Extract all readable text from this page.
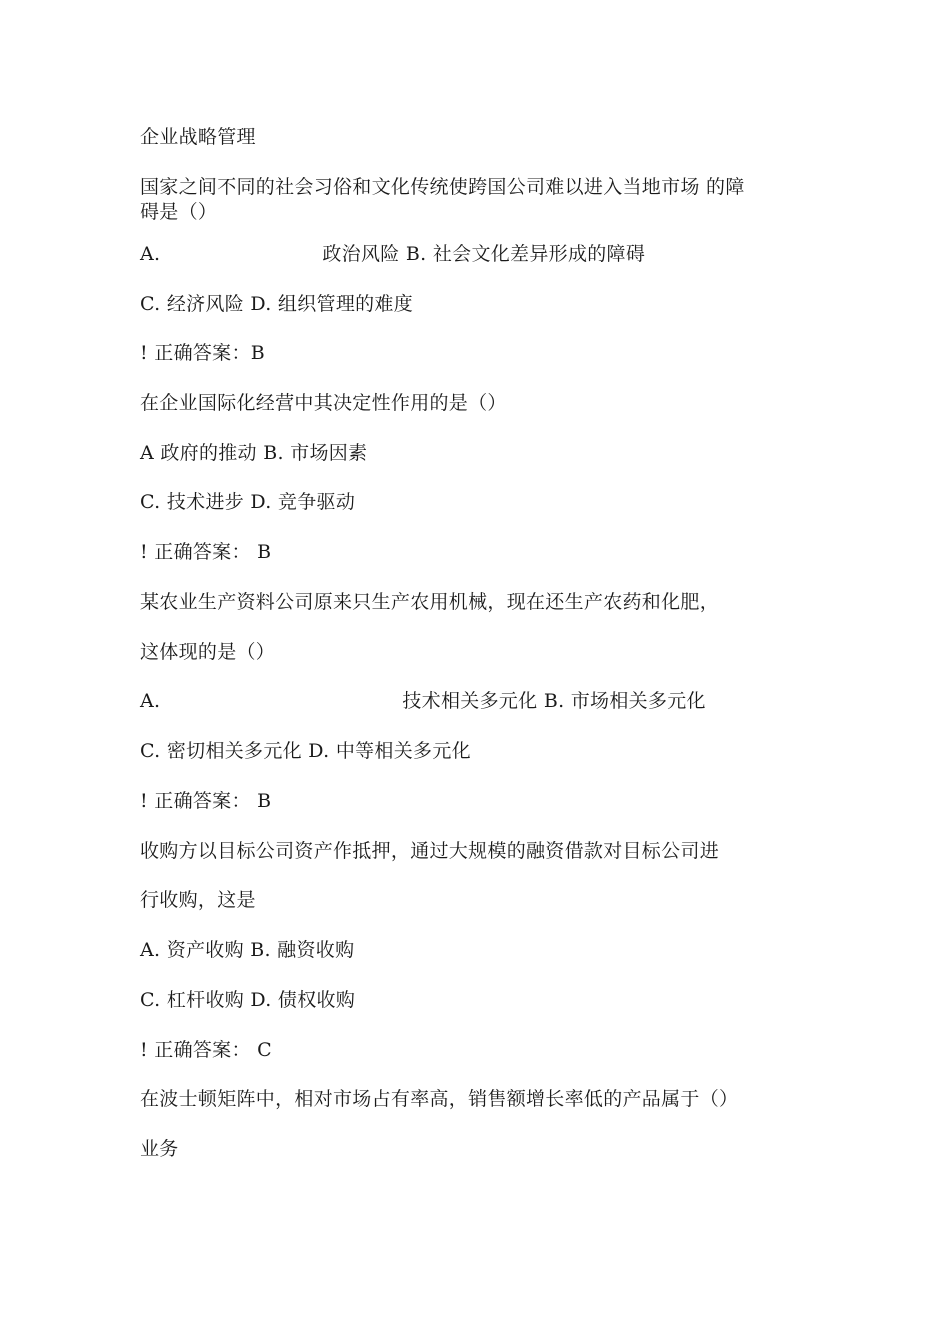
企业战略管理
国家之间不同的社会习俗和文化传统使跨国公司难以进入当地市场 的障
碍是（）
A.	政治风险 B. 社会文化差异形成的障碍
C. 经济风险 D. 组织管理的难度
! 正确答案：B
在企业国际化经营中其决定性作用的是（）
A 政府的推动 B. 市场因素
C. 技术进步 D. 竞争驱动
! 正确答案： B
某农业生产资料公司原来只生产农用机械，现在还生产农药和化肥，
这体现的是（）
A.	技术相关多元化 B. 市场相关多元化
C. 密切相关多元化 D. 中等相关多元化
! 正确答案： B
收购方以目标公司资产作抵押，通过大规模的融资借款对目标公司进
行收购，这是
A. 资产收购 B. 融资收购
C. 杠杆收购 D. 债权收购
! 正确答案： C
在波士顿矩阵中，相对市场占有率高，销售额增长率低的产品属于（）
业务
